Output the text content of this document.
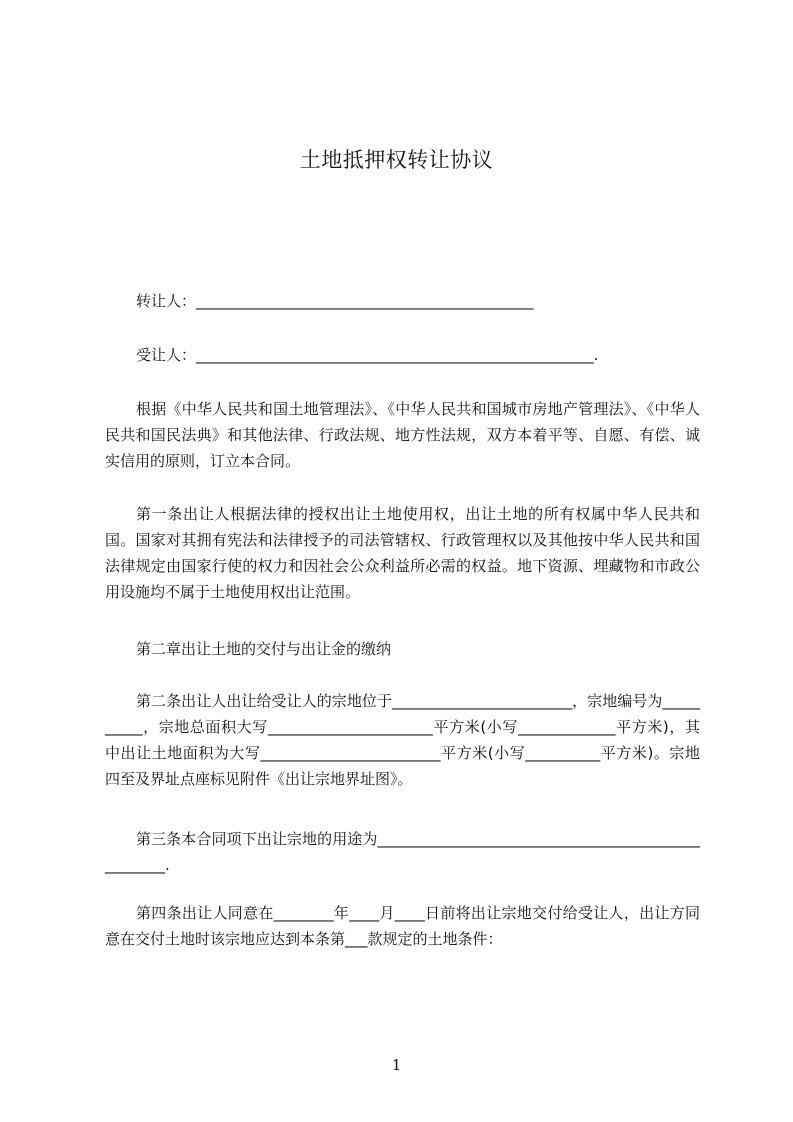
土地抵押权转让协议
转让人：_____________________________________________
受让人：_____________________________________________________.
根据《中华人民共和国土地管理法》、《中华人民共和国城市房地产管理法》、《中华人民共和国民法典》和其他法律、行政法规、地方性法规，双方本着平等、自愿、有偿、诚实信用的原则，订立本合同。
第一条出让人根据法律的授权出让土地使用权，出让土地的所有权属中华人民共和国。国家对其拥有宪法和法律授予的司法管辖权、行政管理权以及其他按中华人民共和国法律规定由国家行使的权力和因社会公众利益所必需的权益。地下资源、埋藏物和市政公用设施均不属于土地使用权出让范围。
第二章出让土地的交付与出让金的缴纳
第二条出让人出让给受让人的宗地位于________________________，宗地编号为__________，宗地总面积大写______________________平方米(小写_____________平方米)，其中出让土地面积为大写________________________平方米(小写__________平方米)。宗地四至及界址点座标见附件《出让宗地界址图》。
第三条本合同项下出让宗地的用途为___________________________________________________.
第四条出让人同意在________年____月____日前将出让宗地交付给受让人，出让方同意在交付土地时该宗地应达到本条第___款规定的土地条件：
1
